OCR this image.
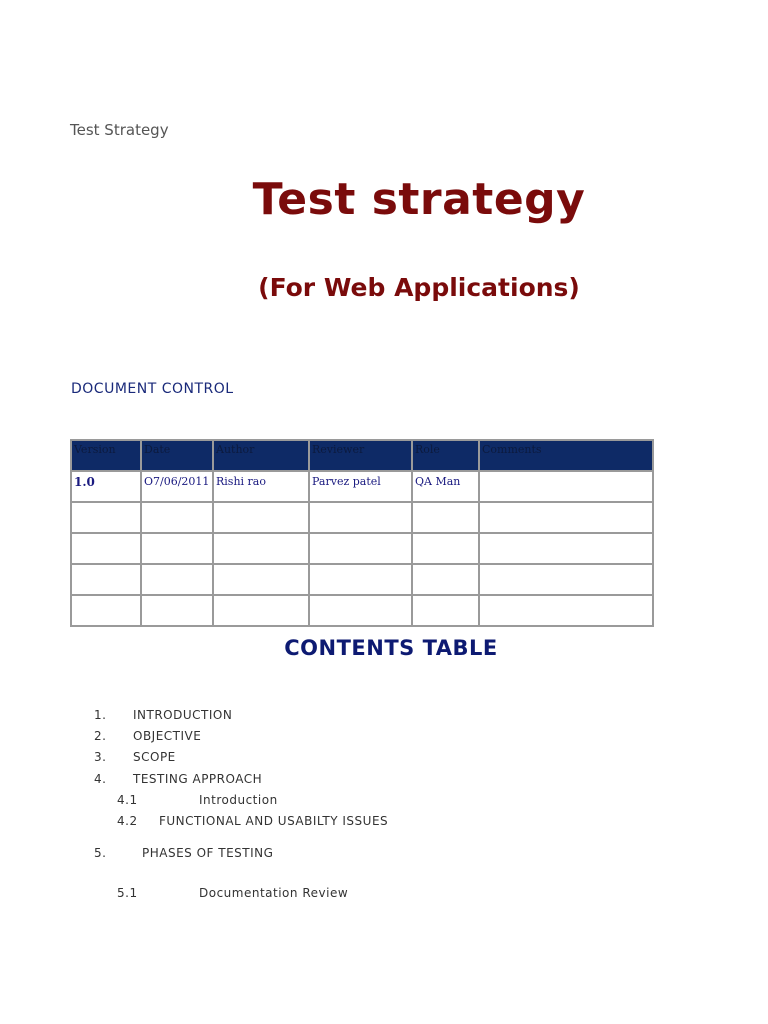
Test Strategy
Test strategy
(For Web Applications)
DOCUMENT CONTROL
Version	Date	Author	Reviewer	Role	Comments
1.0	O7/06/2011	Rishi rao	Parvez patel	QA Man	

CONTENTS TABLE
1. INTRODUCTION
2. OBJECTIVE
3. SCOPE
4. TESTING APPROACH
4.1	Introduction
4.2 FUNCTIONAL AND USABILTY ISSUES
5.	PHASES OF TESTING
5.1	Documentation Review
